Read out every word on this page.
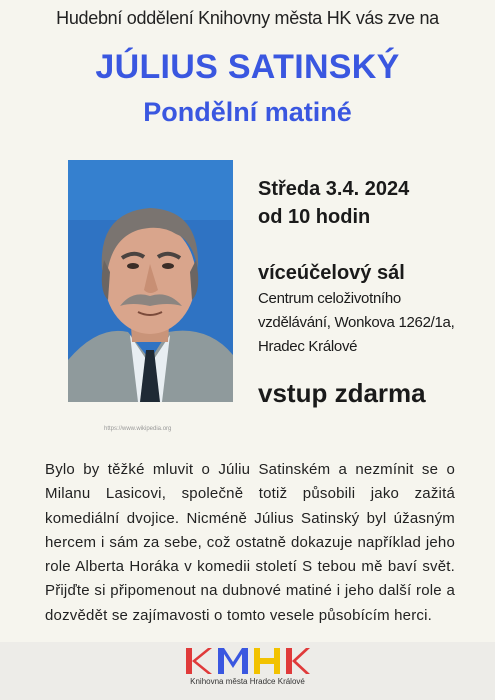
Hudební oddělení Knihovny města HK vás zve na
JÚLIUS SATINSKÝ
Pondělní matiné
https://www.wikipedia.org
Středa 3.4. 2024
od 10 hodin
víceúčelový sál
Centrum celoživotního
vzdělávání, Wonkova 1262/1a,
Hradec Králové
vstup zdarma
Bylo by těžké mluvit o Júliu Satinském a nezmínit se o Milanu Lasicovi, společně totiž působili jako zažitá komediální dvojice. Nicméně Július Satinský byl úžasným hercem i sám za sebe, což ostatně dokazuje například jeho role Alberta Horáka v komedii století S tebou mě baví svět. Přijďte si připomenout na dubnové matiné i jeho další role a dozvědět se zajímavosti o tomto vesele působícím herci.
Knihovna města Hradce Králové
